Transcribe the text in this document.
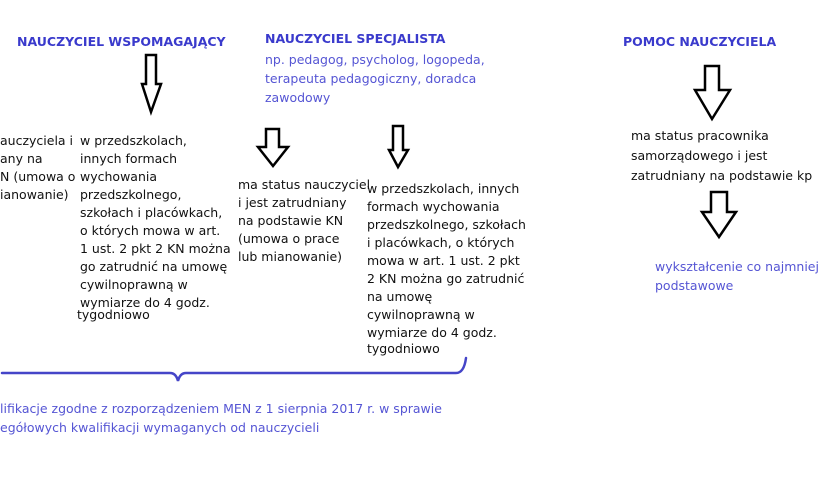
NAUCZYCIEL WSPOMAGAJĄCY	NAUCZYCIEL SPECJALISTA	POMOC NAUCZYCIELA
np. pedagog, psycholog, logopeda,
terapeuta pedagogiczny, doradca
zawodowy
auczyciela i
any na
N (umowa o
ianowanie)
w przedszkolach,
innych formach
wychowania
przedszkolnego,
szkołach i placówkach,
o których mowa w art.
1 ust. 2 pkt 2 KN można
go zatrudnić na umowę
cywilnoprawną w
wymiarze do 4 godz.
tygodniowo
ma status nauczyciel
i jest zatrudniany
na podstawie KN
(umowa o prace
lub mianowanie)
w przedszkolach, innych
formach wychowania
przedszkolnego, szkołach
i placówkach, o których
mowa w art. 1 ust. 2 pkt
2 KN można go zatrudnić
na umowę
cywilnoprawną w
wymiarze do 4 godz.
tygodniowo
ma status pracownika
samorządowego i jest
zatrudniany na podstawie kp
wykształcenie co najmniej
podstawowe
lifikacje zgodne z rozporządzeniem MEN z 1 sierpnia 2017 r. w sprawie
egółowych kwalifikacji wymaganych od nauczycieli
